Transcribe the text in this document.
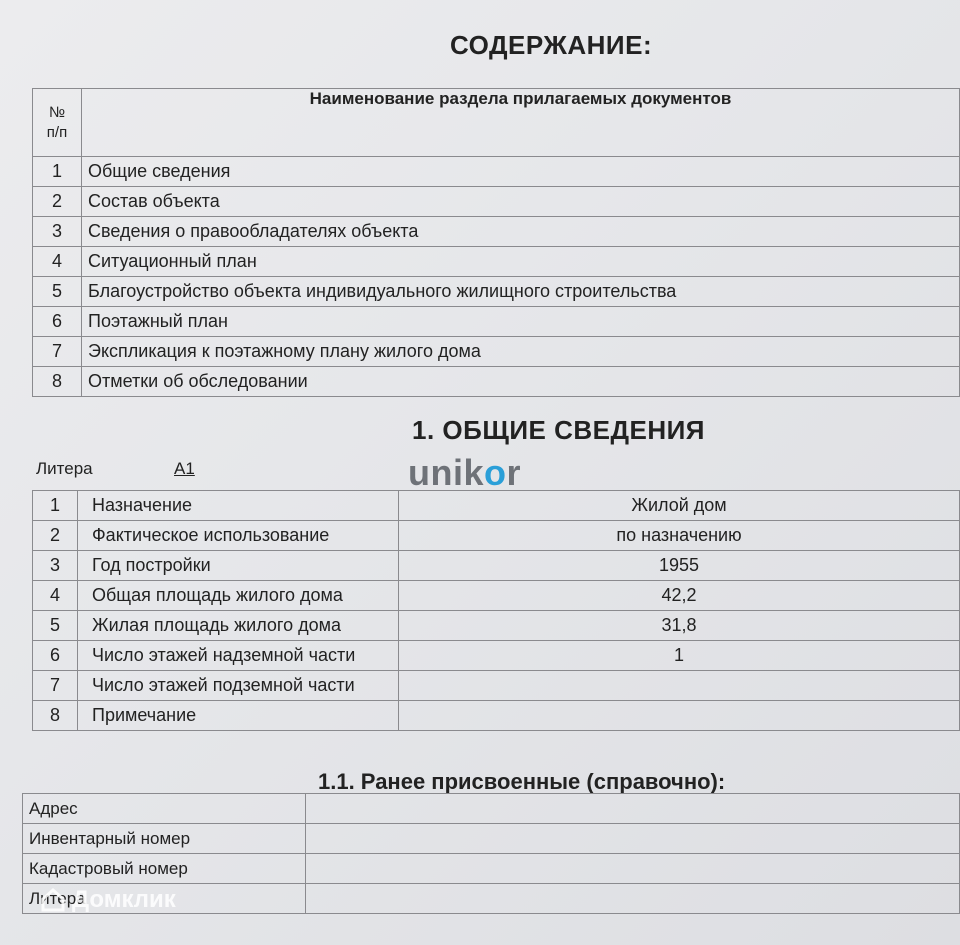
СОДЕРЖАНИЕ:
№
п/п	Наименование раздела прилагаемых документов
1	Общие сведения
2	Состав объекта
3	Сведения о правообладателях объекта
4	Ситуационный план
5	Благоустройство объекта индивидуального жилищного строительства
6	Поэтажный план
7	Экспликация к поэтажному плану жилого дома
8	Отметки об обследовании
1. ОБЩИЕ СВЕДЕНИЯ
Литера	А1	unikor
1	Назначение	Жилой дом
2	Фактическое использование	по назначению
3	Год постройки	1955
4	Общая площадь жилого дома	42,2
5	Жилая площадь жилого дома	31,8
6	Число этажей надземной части	1
7	Число этажей подземной части	
8	Примечание	
1.1. Ранее присвоенные (справочно):
Адрес	
Инвентарный номер	
Кадастровый номер	
Литера	
Домклик
